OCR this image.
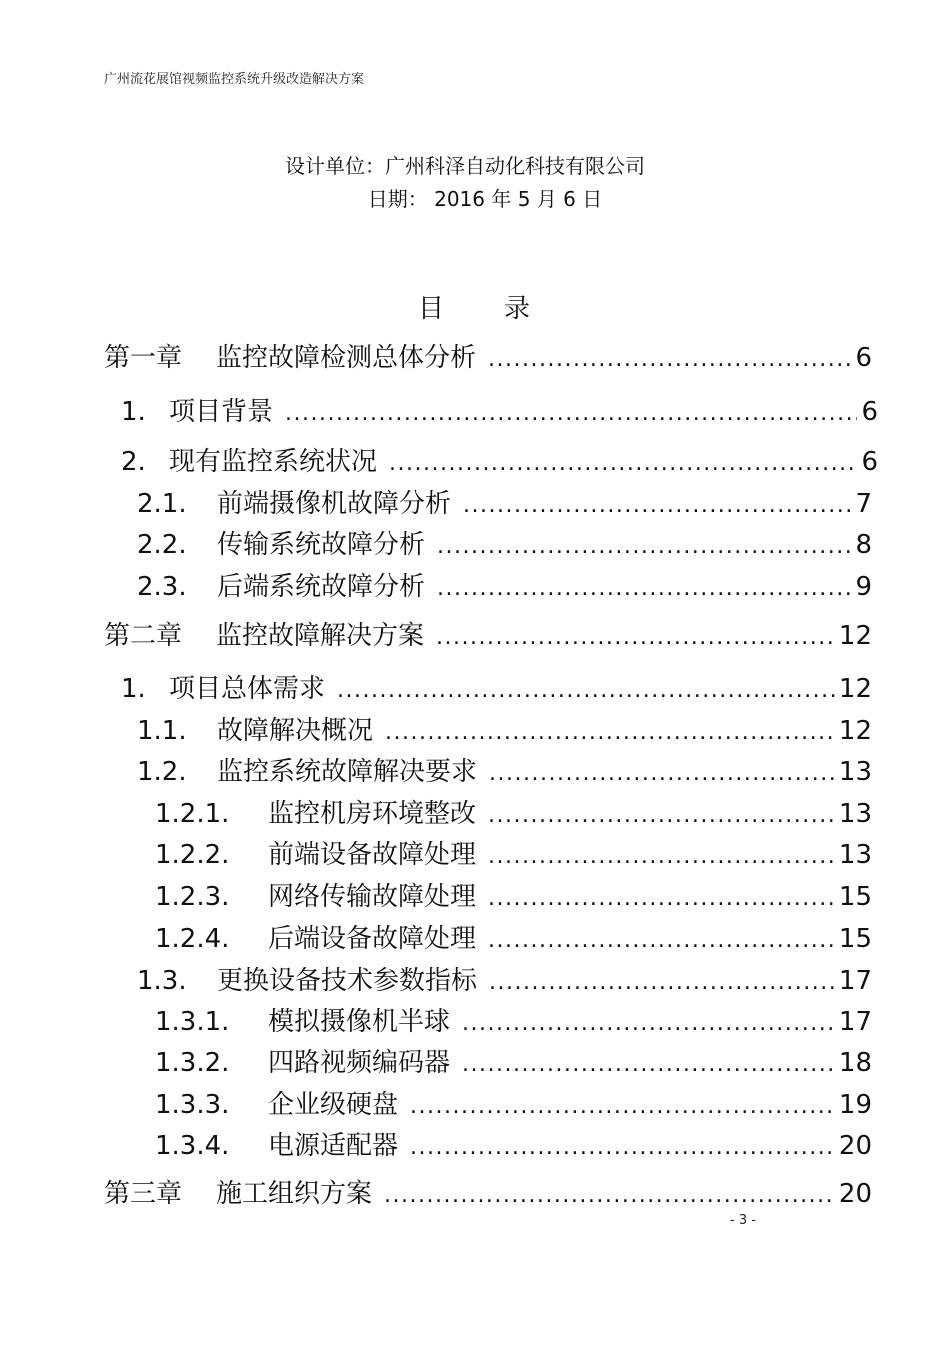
广州流花展馆视频监控系统升级改造解决方案
设计单位：广州科泽自动化科技有限公司
日期： 2016 年 5 月 6 日
目 录
第一章	监控故障检测总体分析 .....	6
1. 项目背景 .....	6
2. 现有监控系统状况 .....	6
2.1.	前端摄像机故障分析 .....	7
2.2.	传输系统故障分析 .....	8
2.3.	后端系统故障分析 .....	9
第二章	监控故障解决方案 .....	12
1. 项目总体需求 .....	12
1.1.	故障解决概况 .....	12
1.2.	监控系统故障解决要求 .....	13
1.2.1.	监控机房环境整改 .....	13
1.2.2.	前端设备故障处理 .....	13
1.2.3.	网络传输故障处理 .....	15
1.2.4.	后端设备故障处理 .....	15
1.3.	更换设备技术参数指标 .....	17
1.3.1.	模拟摄像机半球 .....	17
1.3.2.	四路视频编码器 .....	18
1.3.3.	企业级硬盘 .....	19
1.3.4.	电源适配器 .....	20
第三章	施工组织方案 .....	20
- 3 -
